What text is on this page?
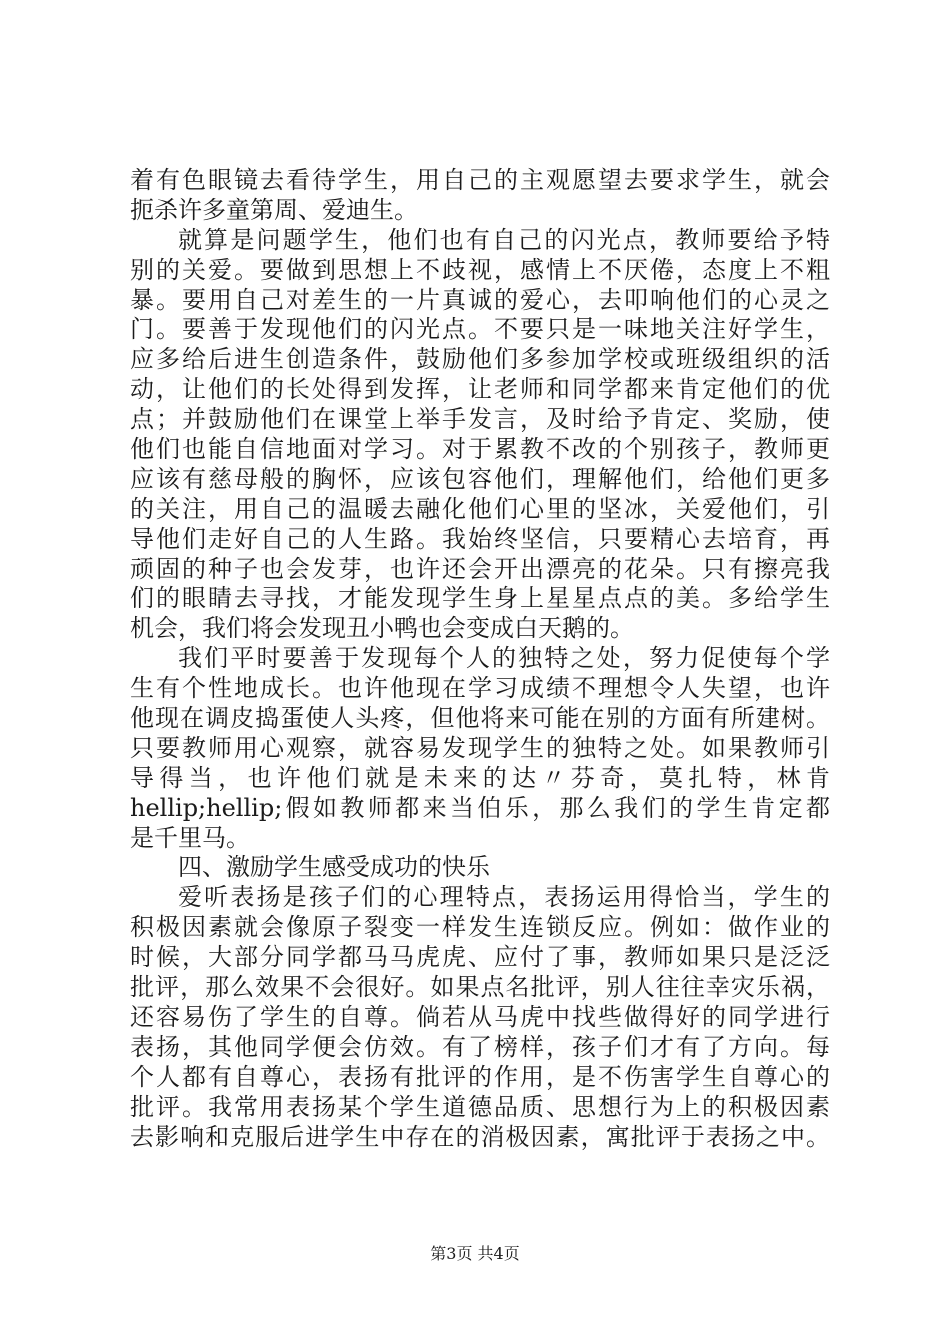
着有色眼镜去看待学生，用自己的主观愿望去要求学生，就会
扼杀许多童第周、爱迪生。
就算是问题学生，他们也有自己的闪光点，教师要给予特
别的关爱。要做到思想上不歧视，感情上不厌倦，态度上不粗
暴。要用自己对差生的一片真诚的爱心，去叩响他们的心灵之
门。要善于发现他们的闪光点。不要只是一味地关注好学生，
应多给后进生创造条件，鼓励他们多参加学校或班级组织的活
动，让他们的长处得到发挥，让老师和同学都来肯定他们的优
点；并鼓励他们在课堂上举手发言，及时给予肯定、奖励，使
他们也能自信地面对学习。对于累教不改的个别孩子，教师更
应该有慈母般的胸怀，应该包容他们，理解他们，给他们更多
的关注，用自己的温暖去融化他们心里的坚冰，关爱他们，引
导他们走好自己的人生路。我始终坚信，只要精心去培育，再
顽固的种子也会发芽，也许还会开出漂亮的花朵。只有擦亮我
们的眼睛去寻找，才能发现学生身上星星点点的美。多给学生
机会，我们将会发现丑小鸭也会变成白天鹅的。
我们平时要善于发现每个人的独特之处，努力促使每个学
生有个性地成长。也许他现在学习成绩不理想令人失望，也许
他现在调皮捣蛋使人头疼，但他将来可能在别的方面有所建树。
只要教师用心观察，就容易发现学生的独特之处。如果教师引
导得当，也许他们就是未来的达〃芬奇，莫扎特，林肯
hellip;hellip;假如教师都来当伯乐，那么我们的学生肯定都
是千里马。
四、激励学生感受成功的快乐
爱听表扬是孩子们的心理特点，表扬运用得恰当，学生的
积极因素就会像原子裂变一样发生连锁反应。例如：做作业的
时候，大部分同学都马马虎虎、应付了事，教师如果只是泛泛
批评，那么效果不会很好。如果点名批评，别人往往幸灾乐祸，
还容易伤了学生的自尊。倘若从马虎中找些做得好的同学进行
表扬，其他同学便会仿效。有了榜样，孩子们才有了方向。每
个人都有自尊心，表扬有批评的作用，是不伤害学生自尊心的
批评。我常用表扬某个学生道德品质、思想行为上的积极因素
去影响和克服后进学生中存在的消极因素，寓批评于表扬之中。
第3页 共4页
